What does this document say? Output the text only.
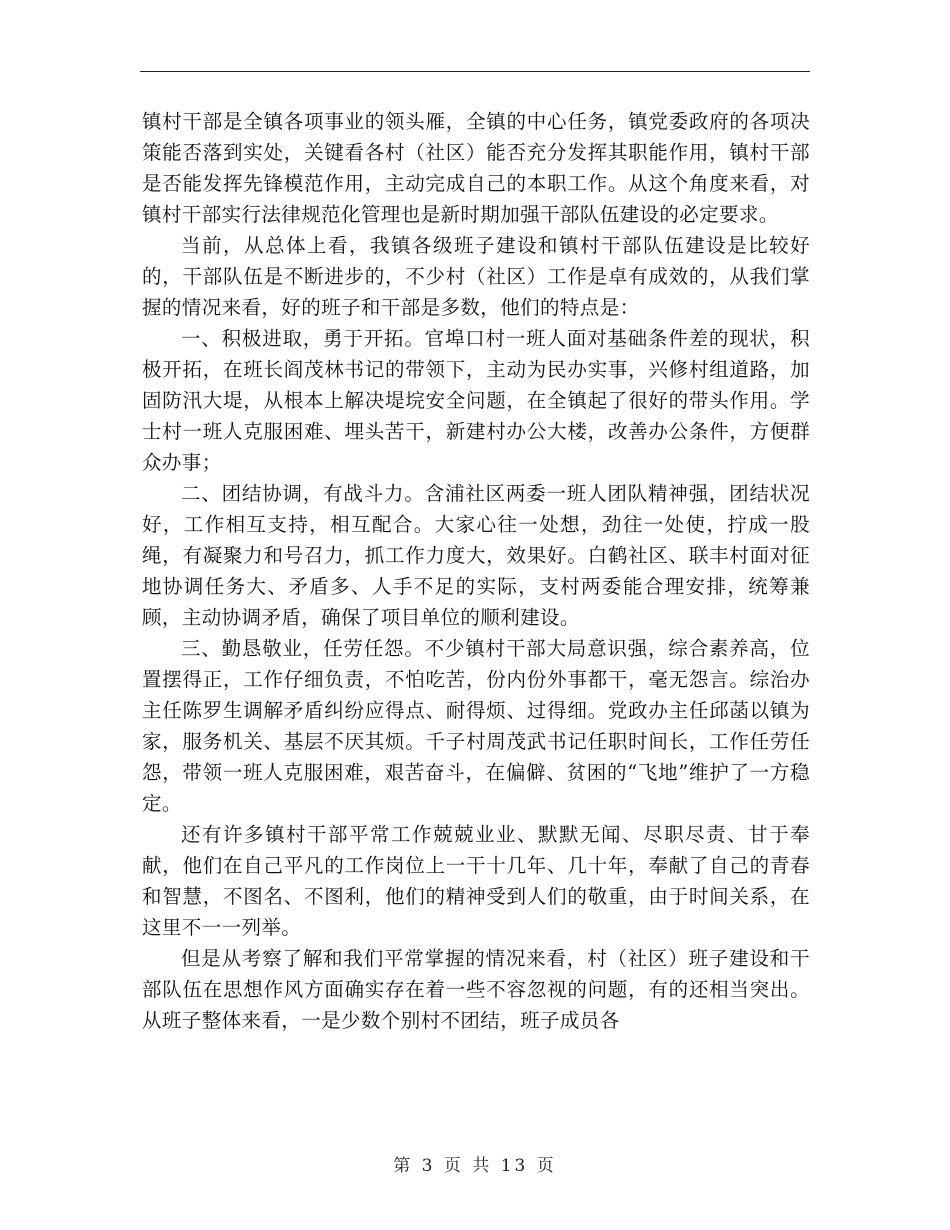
镇村干部是全镇各项事业的领头雁，全镇的中心任务，镇党委政府的各项决策能否落到实处，关键看各村（社区）能否充分发挥其职能作用，镇村干部是否能发挥先锋模范作用，主动完成自己的本职工作。从这个角度来看，对镇村干部实行法律规范化管理也是新时期加强干部队伍建设的必定要求。

当前，从总体上看，我镇各级班子建设和镇村干部队伍建设是比较好的，干部队伍是不断进步的，不少村（社区）工作是卓有成效的，从我们掌握的情况来看，好的班子和干部是多数，他们的特点是：

一、积极进取，勇于开拓。官埠口村一班人面对基础条件差的现状，积极开拓，在班长阎茂林书记的带领下，主动为民办实事，兴修村组道路，加固防汛大堤，从根本上解决堤垸安全问题，在全镇起了很好的带头作用。学士村一班人克服困难、埋头苦干，新建村办公大楼，改善办公条件，方便群众办事；

二、团结协调，有战斗力。含浦社区两委一班人团队精神强，团结状况好，工作相互支持，相互配合。大家心往一处想，劲往一处使，拧成一股绳，有凝聚力和号召力，抓工作力度大，效果好。白鹤社区、联丰村面对征地协调任务大、矛盾多、人手不足的实际，支村两委能合理安排，统筹兼顾，主动协调矛盾，确保了项目单位的顺利建设。

三、勤恳敬业，任劳任怨。不少镇村干部大局意识强，综合素养高，位置摆得正，工作仔细负责，不怕吃苦，份内份外事都干，毫无怨言。综治办主任陈罗生调解矛盾纠纷应得点、耐得烦、过得细。党政办主任邱菡以镇为家，服务机关、基层不厌其烦。千子村周茂武书记任职时间长，工作任劳任怨，带领一班人克服困难，艰苦奋斗，在偏僻、贫困的“飞地”维护了一方稳定。

还有许多镇村干部平常工作兢兢业业、默默无闻、尽职尽责、甘于奉献，他们在自己平凡的工作岗位上一干十几年、几十年，奉献了自己的青春和智慧，不图名、不图利，他们的精神受到人们的敬重，由于时间关系，在这里不一一列举。

但是从考察了解和我们平常掌握的情况来看，村（社区）班子建设和干部队伍在思想作风方面确实存在着一些不容忽视的问题，有的还相当突出。从班子整体来看，一是少数个别村不团结，班子成员各

第 3 页 共 13 页
